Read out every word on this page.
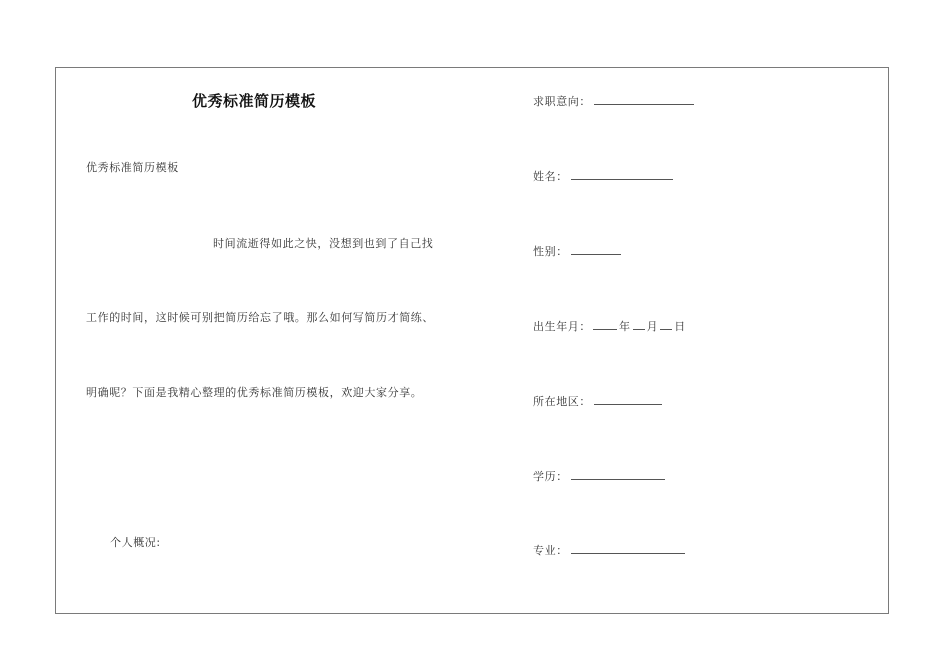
优秀标准简历模板
优秀标准简历模板
时间流逝得如此之快，没想到也到了自己找
工作的时间，这时候可别把简历给忘了哦。那么如何写简历才简练、
明确呢？下面是我精心整理的优秀标准简历模板，欢迎大家分享。
个人概况:
求职意向：
姓名：
性别：
出生年月：	年 月 日
所在地区：
学历：
专业：
